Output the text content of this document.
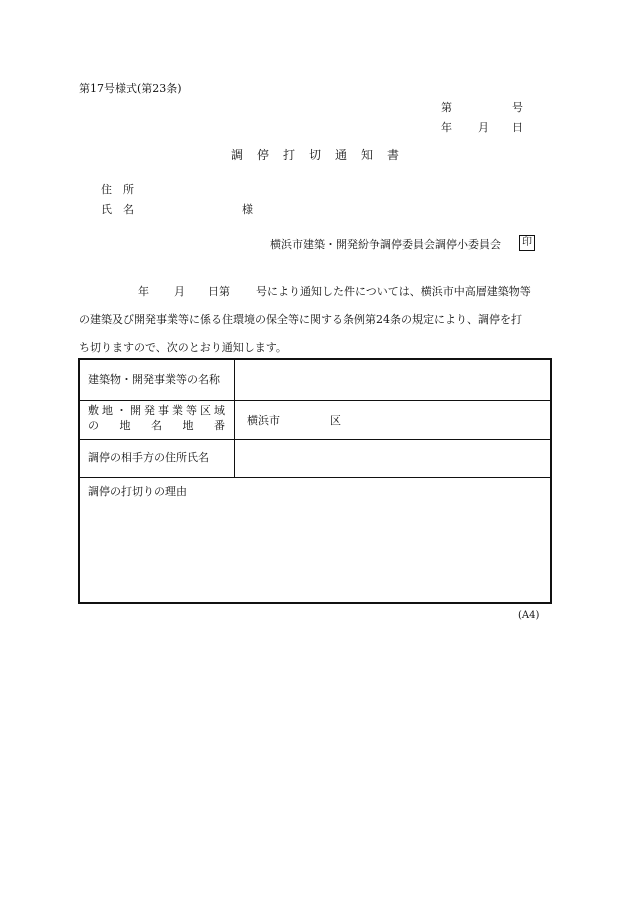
第17号様式(第23条)
第	号
年 月 日
調 停 打 切 通 知 書
住　所
氏　名	様
横浜市建築・開発紛争調停委員会調停小委員会	印
年 月 日第 号により通知した件については、横浜市中高層建築物等
の建築及び開発事業等に係る住環境の保全等に関する条例第24条の規定により、調停を打
ち切りますので、次のとおり通知します。
建築物・開発事業等の名称
敷 地 ・ 開 発 事 業 等 区 域
の 地 名 地 番 横浜市	区
調停の相手方の住所氏名
調停の打切りの理由
(A4)
